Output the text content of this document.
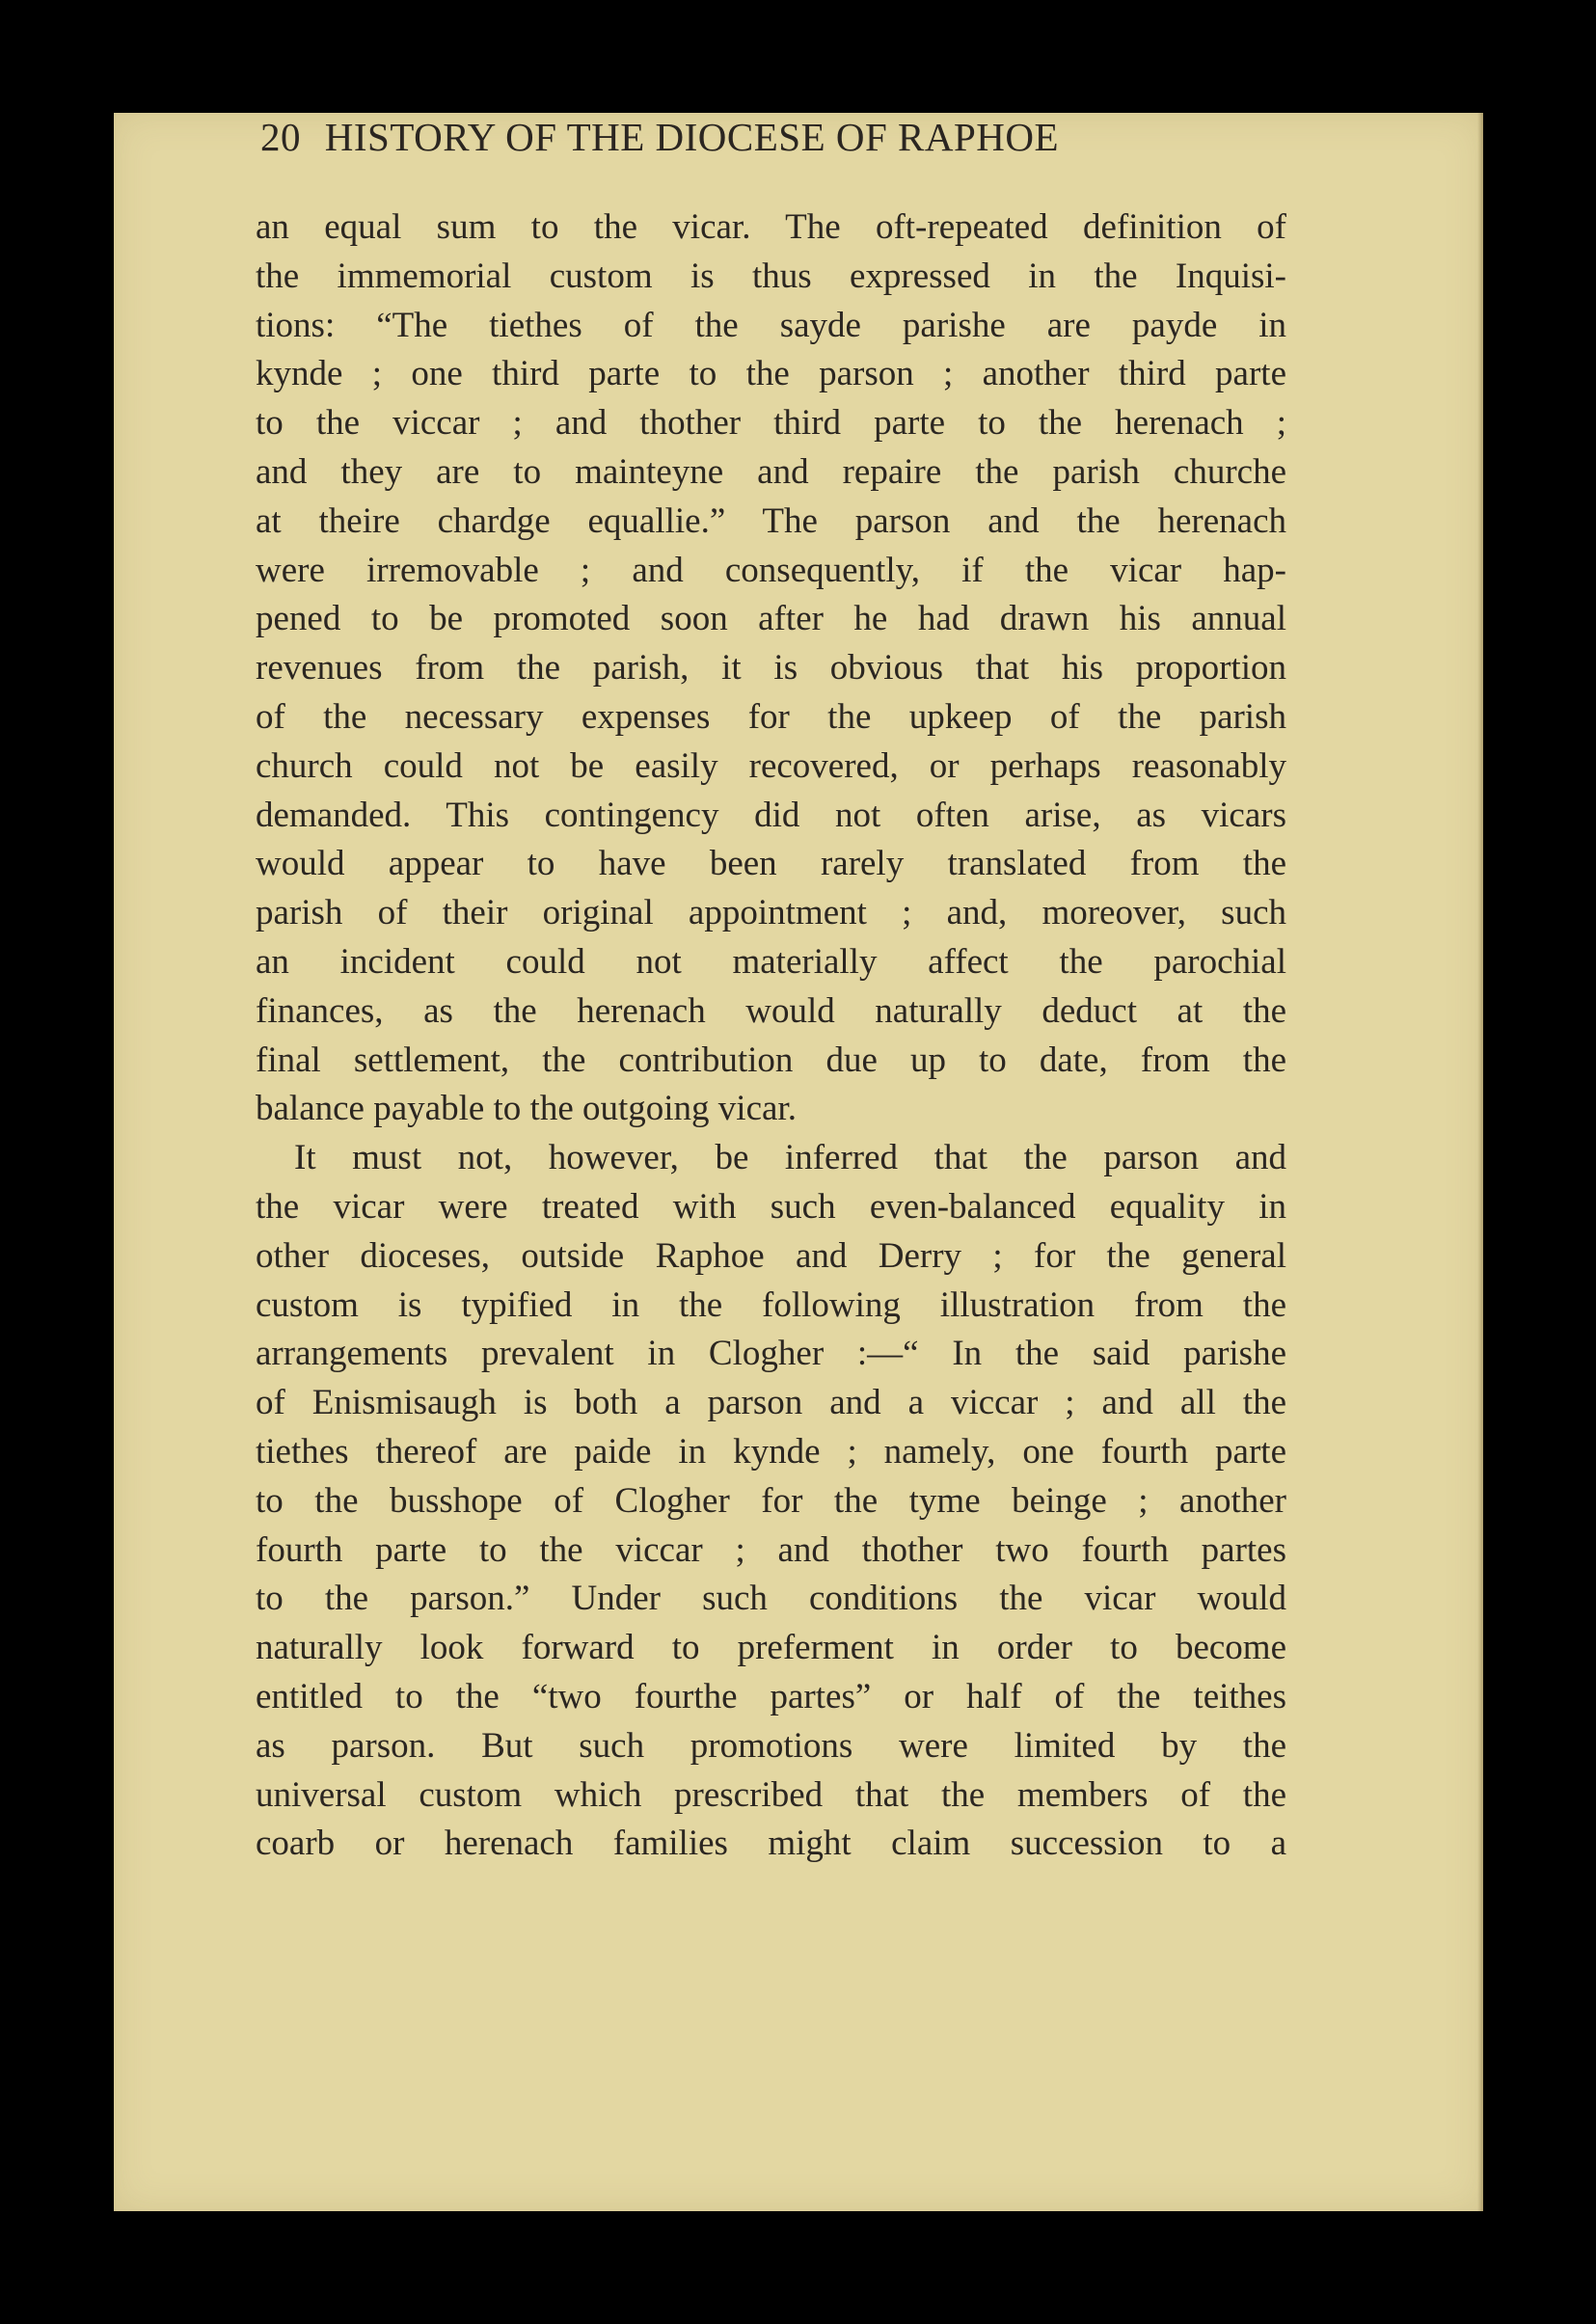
20 HISTORY OF THE DIOCESE OF RAPHOE
an equal sum to the vicar. The oft-repeated definition of
the immemorial custom is thus expressed in the Inquisi-
tions: “The tiethes of the sayde parishe are payde in
kynde ; one third parte to the parson ; another third parte
to the viccar ; and thother third parte to the herenach ;
and they are to mainteyne and repaire the parish churche
at theire chardge equallie.” The parson and the herenach
were irremovable ; and consequently, if the vicar hap-
pened to be promoted soon after he had drawn his annual
revenues from the parish, it is obvious that his proportion
of the necessary expenses for the upkeep of the parish
church could not be easily recovered, or perhaps reasonably
demanded. This contingency did not often arise, as vicars
would appear to have been rarely translated from the
parish of their original appointment ; and, moreover, such
an incident could not materially affect the parochial
finances, as the herenach would naturally deduct at the
final settlement, the contribution due up to date, from the
balance payable to the outgoing vicar.
It must not, however, be inferred that the parson and
the vicar were treated with such even-balanced equality in
other dioceses, outside Raphoe and Derry ; for the general
custom is typified in the following illustration from the
arrangements prevalent in Clogher :—“ In the said parishe
of Enismisaugh is both a parson and a viccar ; and all the
tiethes thereof are paide in kynde ; namely, one fourth parte
to the busshope of Clogher for the tyme beinge ; another
fourth parte to the viccar ; and thother two fourth partes
to the parson.” Under such conditions the vicar would
naturally look forward to preferment in order to become
entitled to the “two fourthe partes” or half of the teithes
as parson. But such promotions were limited by the
universal custom which prescribed that the members of the
coarb or herenach families might claim succession to a
